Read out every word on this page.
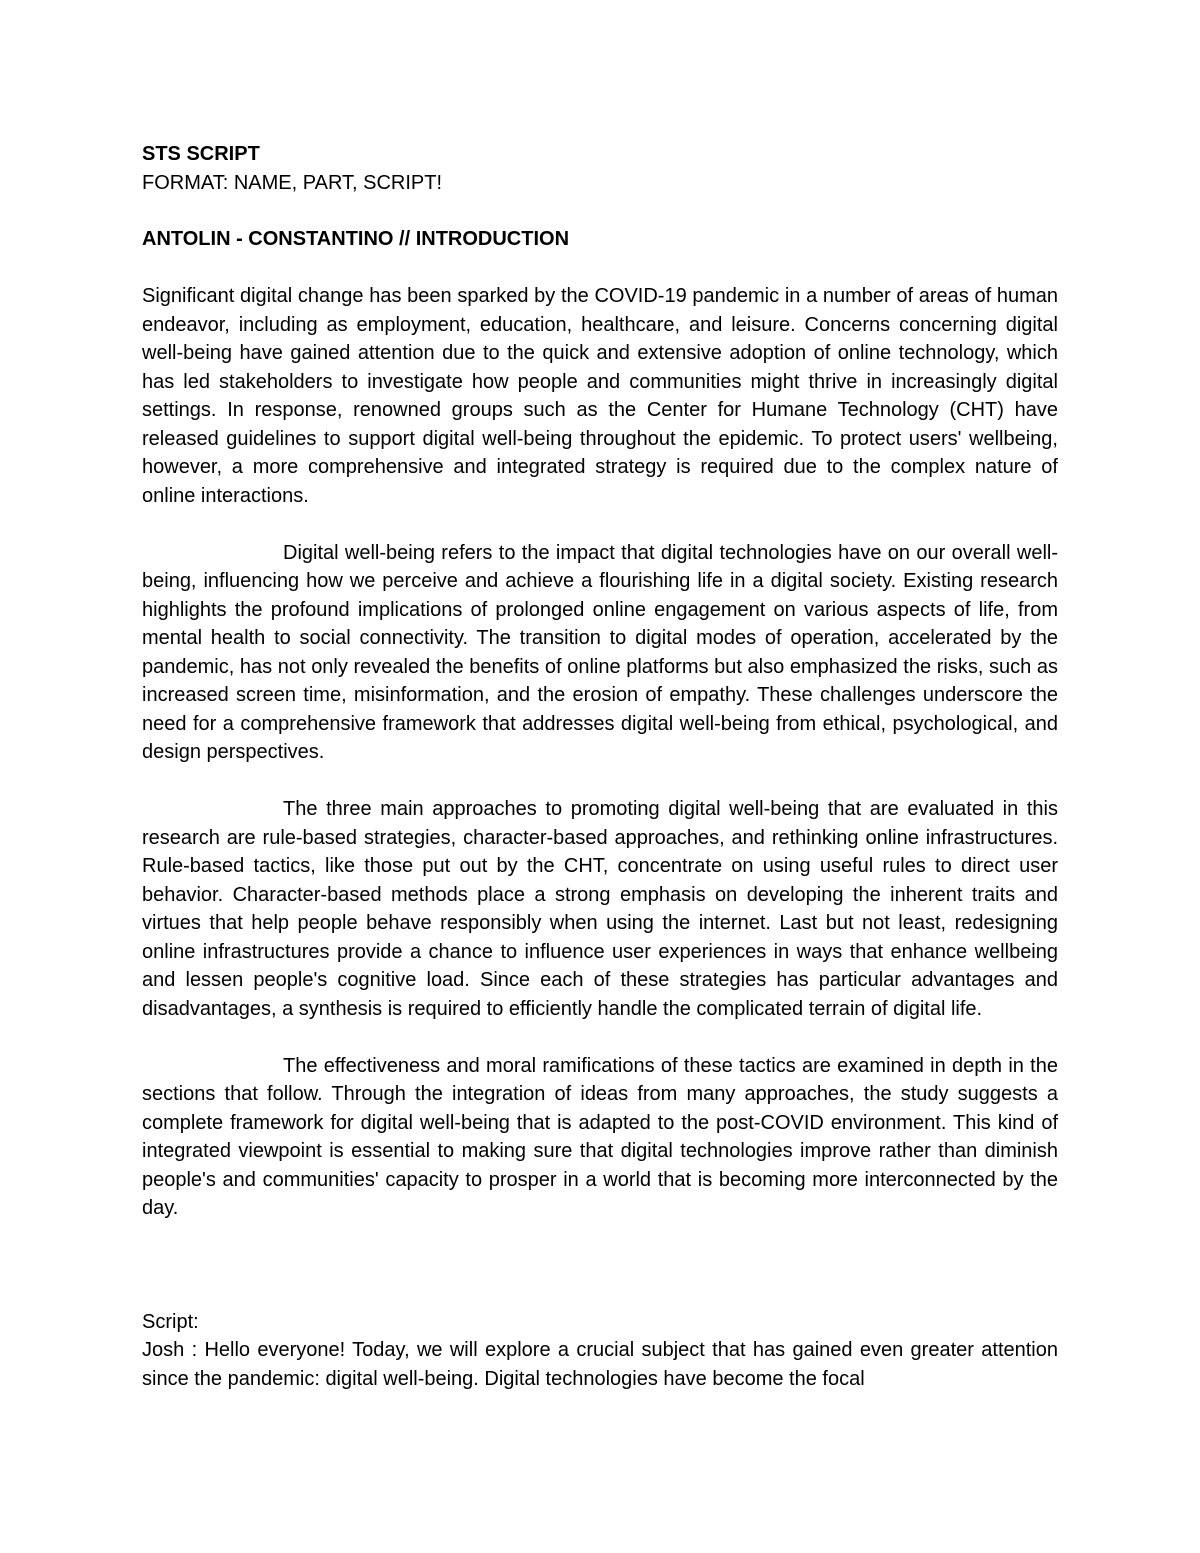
STS SCRIPT

FORMAT: NAME, PART, SCRIPT!

ANTOLIN - CONSTANTINO // INTRODUCTION

Significant digital change has been sparked by the COVID-19 pandemic in a number of areas of human endeavor, including as employment, education, healthcare, and leisure. Concerns concerning digital well-being have gained attention due to the quick and extensive adoption of online technology, which has led stakeholders to investigate how people and communities might thrive in increasingly digital settings. In response, renowned groups such as the Center for Humane Technology (CHT) have released guidelines to support digital well-being throughout the epidemic. To protect users' wellbeing, however, a more comprehensive and integrated strategy is required due to the complex nature of online interactions.

Digital well-being refers to the impact that digital technologies have on our overall well-being, influencing how we perceive and achieve a flourishing life in a digital society. Existing research highlights the profound implications of prolonged online engagement on various aspects of life, from mental health to social connectivity. The transition to digital modes of operation, accelerated by the pandemic, has not only revealed the benefits of online platforms but also emphasized the risks, such as increased screen time, misinformation, and the erosion of empathy. These challenges underscore the need for a comprehensive framework that addresses digital well-being from ethical, psychological, and design perspectives.

The three main approaches to promoting digital well-being that are evaluated in this research are rule-based strategies, character-based approaches, and rethinking online infrastructures. Rule-based tactics, like those put out by the CHT, concentrate on using useful rules to direct user behavior. Character-based methods place a strong emphasis on developing the inherent traits and virtues that help people behave responsibly when using the internet. Last but not least, redesigning online infrastructures provide a chance to influence user experiences in ways that enhance wellbeing and lessen people's cognitive load. Since each of these strategies has particular advantages and disadvantages, a synthesis is required to efficiently handle the complicated terrain of digital life.

The effectiveness and moral ramifications of these tactics are examined in depth in the sections that follow. Through the integration of ideas from many approaches, the study suggests a complete framework for digital well-being that is adapted to the post-COVID environment. This kind of integrated viewpoint is essential to making sure that digital technologies improve rather than diminish people's and communities' capacity to prosper in a world that is becoming more interconnected by the day.

Script:

Josh : Hello everyone! Today, we will explore a crucial subject that has gained even greater attention since the pandemic: digital well-being. Digital technologies have become the focal
